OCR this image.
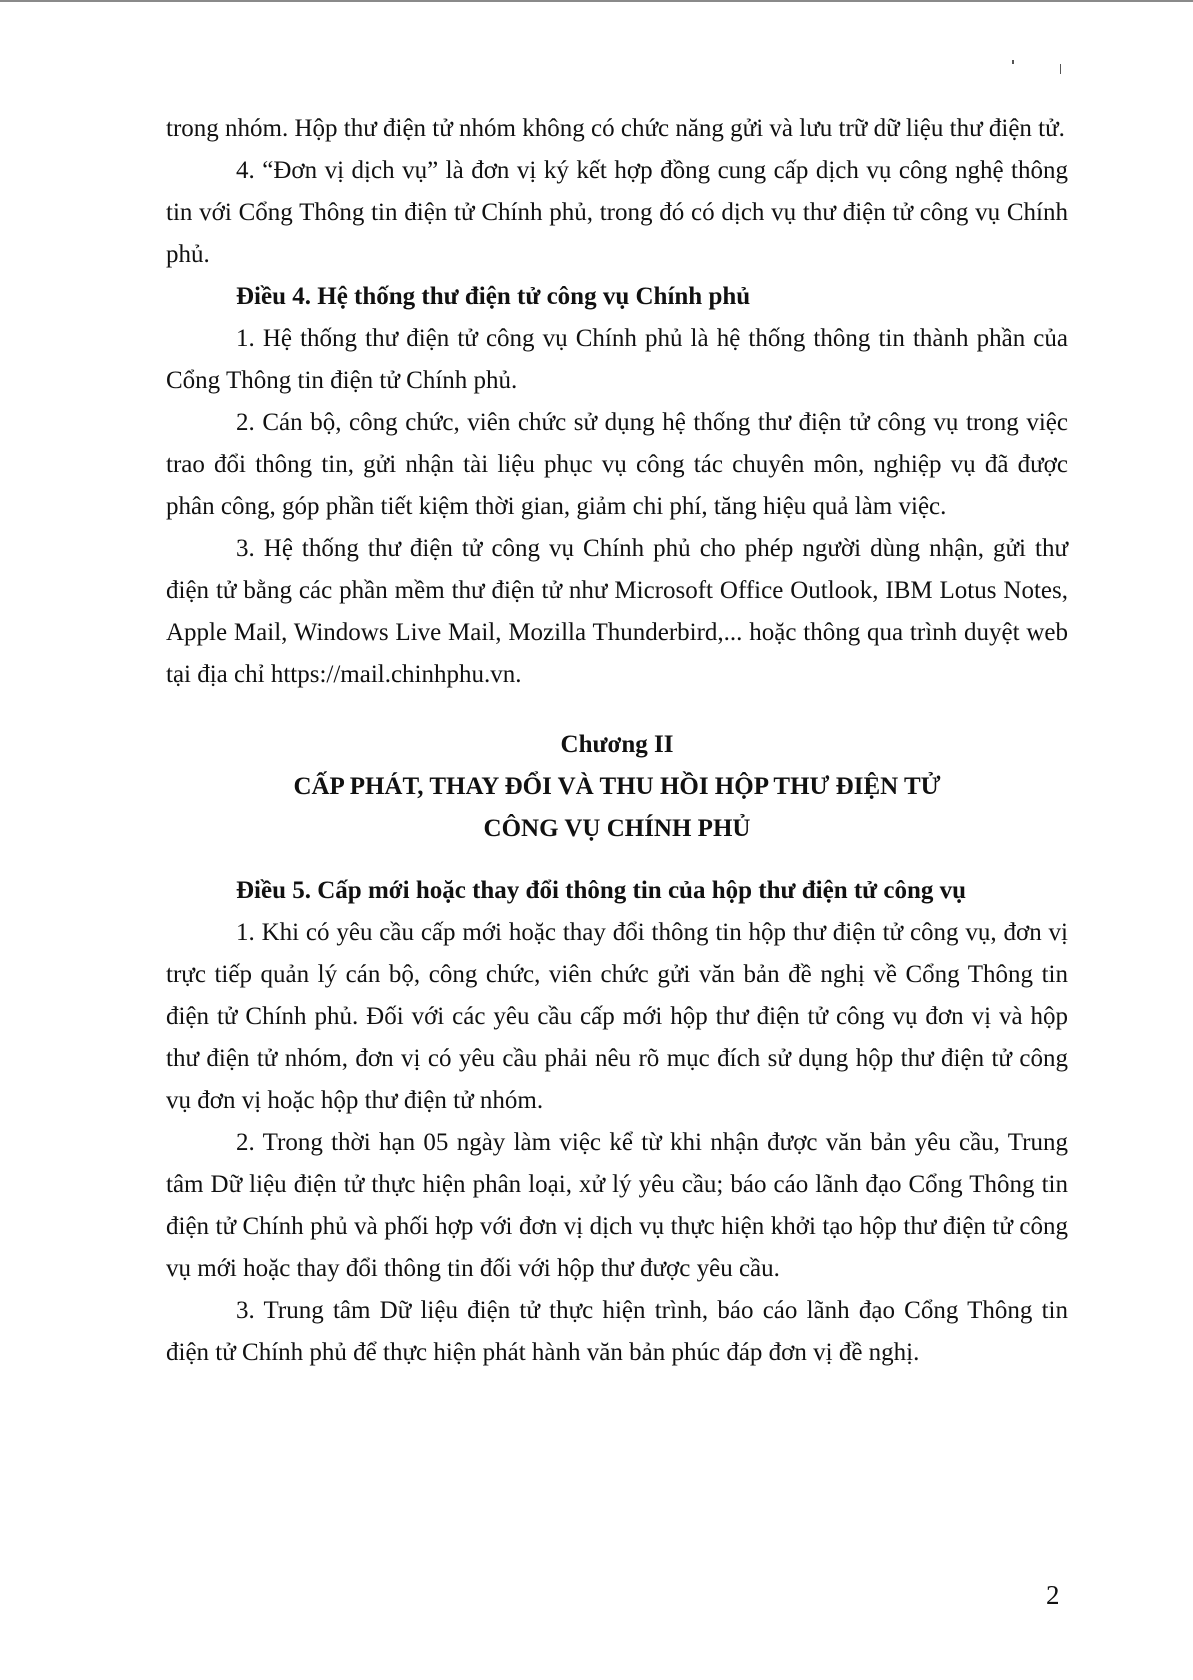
trong nhóm. Hộp thư điện tử nhóm không có chức năng gửi và lưu trữ dữ liệu thư điện tử.

4. “Đơn vị dịch vụ” là đơn vị ký kết hợp đồng cung cấp dịch vụ công nghệ thông tin với Cổng Thông tin điện tử Chính phủ, trong đó có dịch vụ thư điện tử công vụ Chính phủ.

Điều 4. Hệ thống thư điện tử công vụ Chính phủ

1. Hệ thống thư điện tử công vụ Chính phủ là hệ thống thông tin thành phần của Cổng Thông tin điện tử Chính phủ.

2. Cán bộ, công chức, viên chức sử dụng hệ thống thư điện tử công vụ trong việc trao đổi thông tin, gửi nhận tài liệu phục vụ công tác chuyên môn, nghiệp vụ đã được phân công, góp phần tiết kiệm thời gian, giảm chi phí, tăng hiệu quả làm việc.

3. Hệ thống thư điện tử công vụ Chính phủ cho phép người dùng nhận, gửi thư điện tử bằng các phần mềm thư điện tử như Microsoft Office Outlook, IBM Lotus Notes, Apple Mail, Windows Live Mail, Mozilla Thunderbird,... hoặc thông qua trình duyệt web tại địa chỉ https://mail.chinhphu.vn.

Chương II
CẤP PHÁT, THAY ĐỔI VÀ THU HỒI HỘP THƯ ĐIỆN TỬ
CÔNG VỤ CHÍNH PHỦ

Điều 5. Cấp mới hoặc thay đổi thông tin của hộp thư điện tử công vụ

1. Khi có yêu cầu cấp mới hoặc thay đổi thông tin hộp thư điện tử công vụ, đơn vị trực tiếp quản lý cán bộ, công chức, viên chức gửi văn bản đề nghị về Cổng Thông tin điện tử Chính phủ. Đối với các yêu cầu cấp mới hộp thư điện tử công vụ đơn vị và hộp thư điện tử nhóm, đơn vị có yêu cầu phải nêu rõ mục đích sử dụng hộp thư điện tử công vụ đơn vị hoặc hộp thư điện tử nhóm.

2. Trong thời hạn 05 ngày làm việc kể từ khi nhận được văn bản yêu cầu, Trung tâm Dữ liệu điện tử thực hiện phân loại, xử lý yêu cầu; báo cáo lãnh đạo Cổng Thông tin điện tử Chính phủ và phối hợp với đơn vị dịch vụ thực hiện khởi tạo hộp thư điện tử công vụ mới hoặc thay đổi thông tin đối với hộp thư được yêu cầu.

3. Trung tâm Dữ liệu điện tử thực hiện trình, báo cáo lãnh đạo Cổng Thông tin điện tử Chính phủ để thực hiện phát hành văn bản phúc đáp đơn vị đề nghị.

2
